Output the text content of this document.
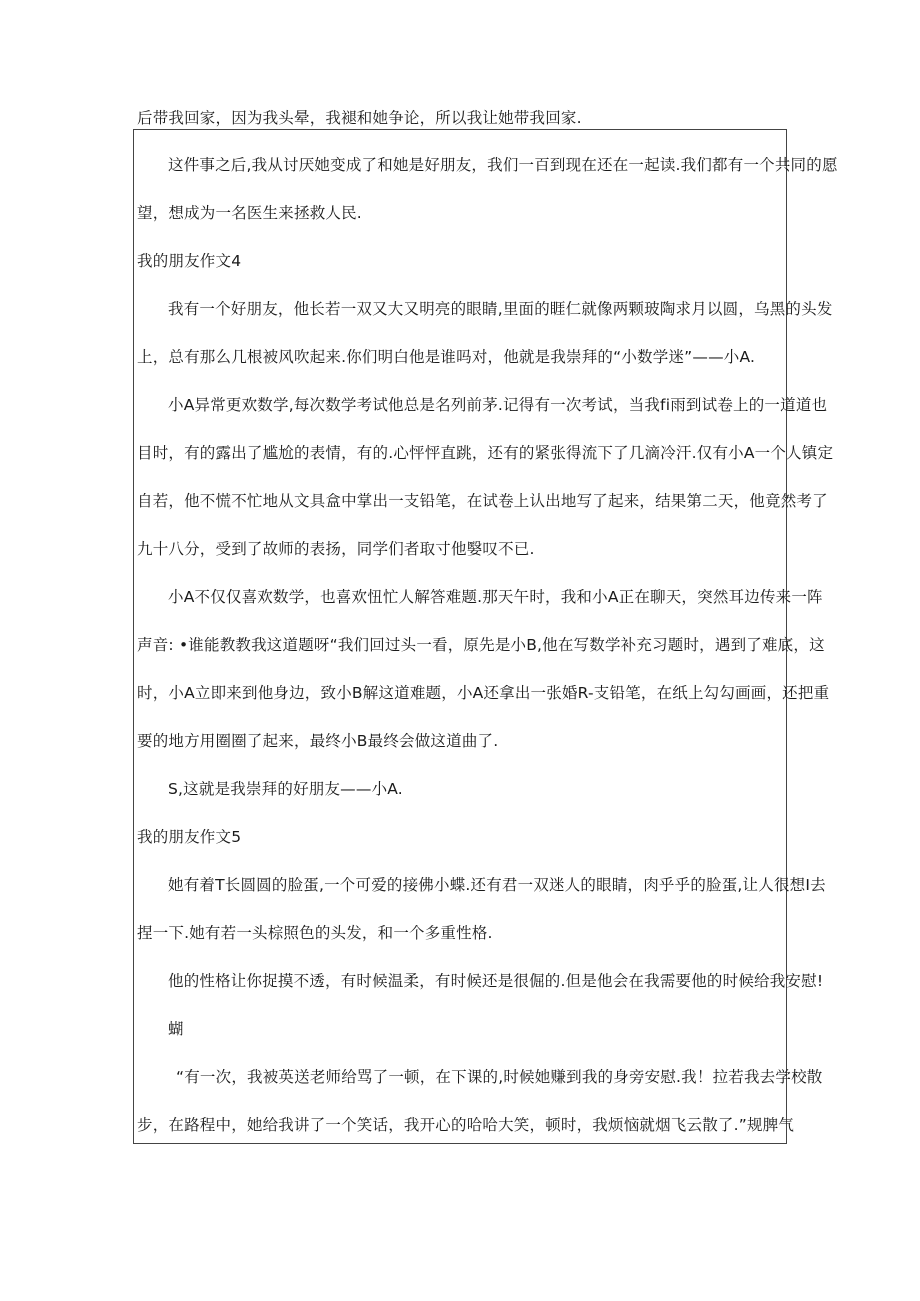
后带我回家，因为我头晕，我褪和她争论，所以我让她带我回家.
这件事之后,我从讨厌她变成了和她是好朋友，我们一百到现在还在一起读.我们都有一个共同的愿
望，想成为一名医生来拯救人民.
我的朋友作文4
我有一个好朋友，他长若一双又大又明亮的眼睛,里面的睚仁就像两颗玻陶求月以圆，乌黑的头发
上，总有那么几根被风吹起来.你们明白他是谁吗对，他就是我崇拜的“小数学迷”——小A.
小A异常更欢数学,每次数学考试他总是名列前茅.记得有一次考试，当我fi雨到试卷上的一道道也
目时，有的露出了尴尬的表情，有的.心怦怦直跳，还有的紧张得流下了几滴冷汗.仅有小A一个人镇定
自若，他不慌不忙地从文具盒中掌出一支铅笔，在试卷上认出地写了起来，结果第二天，他竟然考了
九十八分，受到了故师的表扬，同学们者取寸他嫛叹不已.
小A不仅仅喜欢数学，也喜欢忸忙人解答难题.那天午时，我和小A正在聊天，突然耳边传来一阵
声音: •谁能教教我这道题呀“我们回过头一看，原先是小B,他在写数学补充习题时，遇到了难底，这
时，小A立即来到他身边，致小B解这道难题，小A还拿出一张婚R-支铅笔，在纸上勾勾画画，还把重
要的地方用圈圈了起来，最终小B最终会做这道曲了.
S,这就是我崇拜的好朋友——小A.
我的朋友作文5
她有着T长圆圆的脸蛋,一个可爱的接佛小蝶.还有君一双迷人的眼睛，肉乎乎的脸蛋,让人很想I去
捏一下.她有若一头棕照色的头发，和一个多重性格.
他的性格让你捉摸不透，有时候温柔，有时候还是很倔的.但是他会在我需要他的时候给我安慰!
蝴
“有一次，我被英送老师给骂了一顿，在下课的,时候她赚到我的身旁安慰.我！拉若我去学校散
步，在路程中，她给我讲了一个笑话，我开心的哈哈大笑，顿时，我烦恼就烟飞云散了.”规脾气
